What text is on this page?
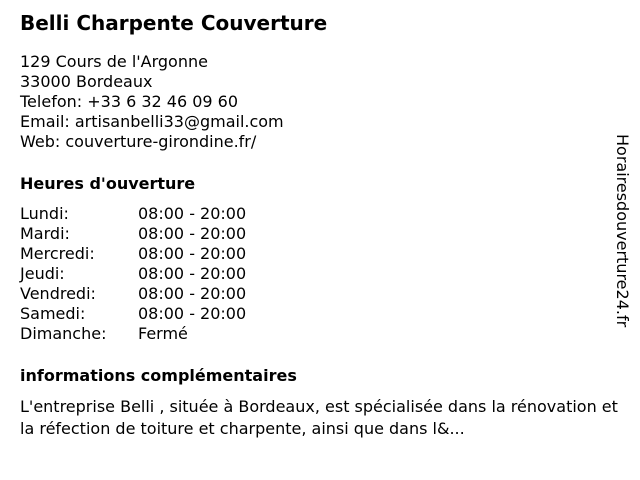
Belli Charpente Couverture
129 Cours de l'Argonne
33000 Bordeaux
Telefon: +33 6 32 46 09 60
Email: artisanbelli33@gmail.com
Web: couverture-girondine.fr/
Heures d'ouverture
Lundi:	08:00 - 20:00
Mardi:	08:00 - 20:00
Mercredi:	08:00 - 20:00
Jeudi:	08:00 - 20:00
Vendredi:	08:00 - 20:00
Samedi:	08:00 - 20:00
Dimanche:	Fermé
informations complémentaires
L'entreprise Belli , située à Bordeaux, est spécialisée dans la rénovation et la réfection de toiture et charpente, ainsi que dans l&...
Horairesdouverture24.fr
